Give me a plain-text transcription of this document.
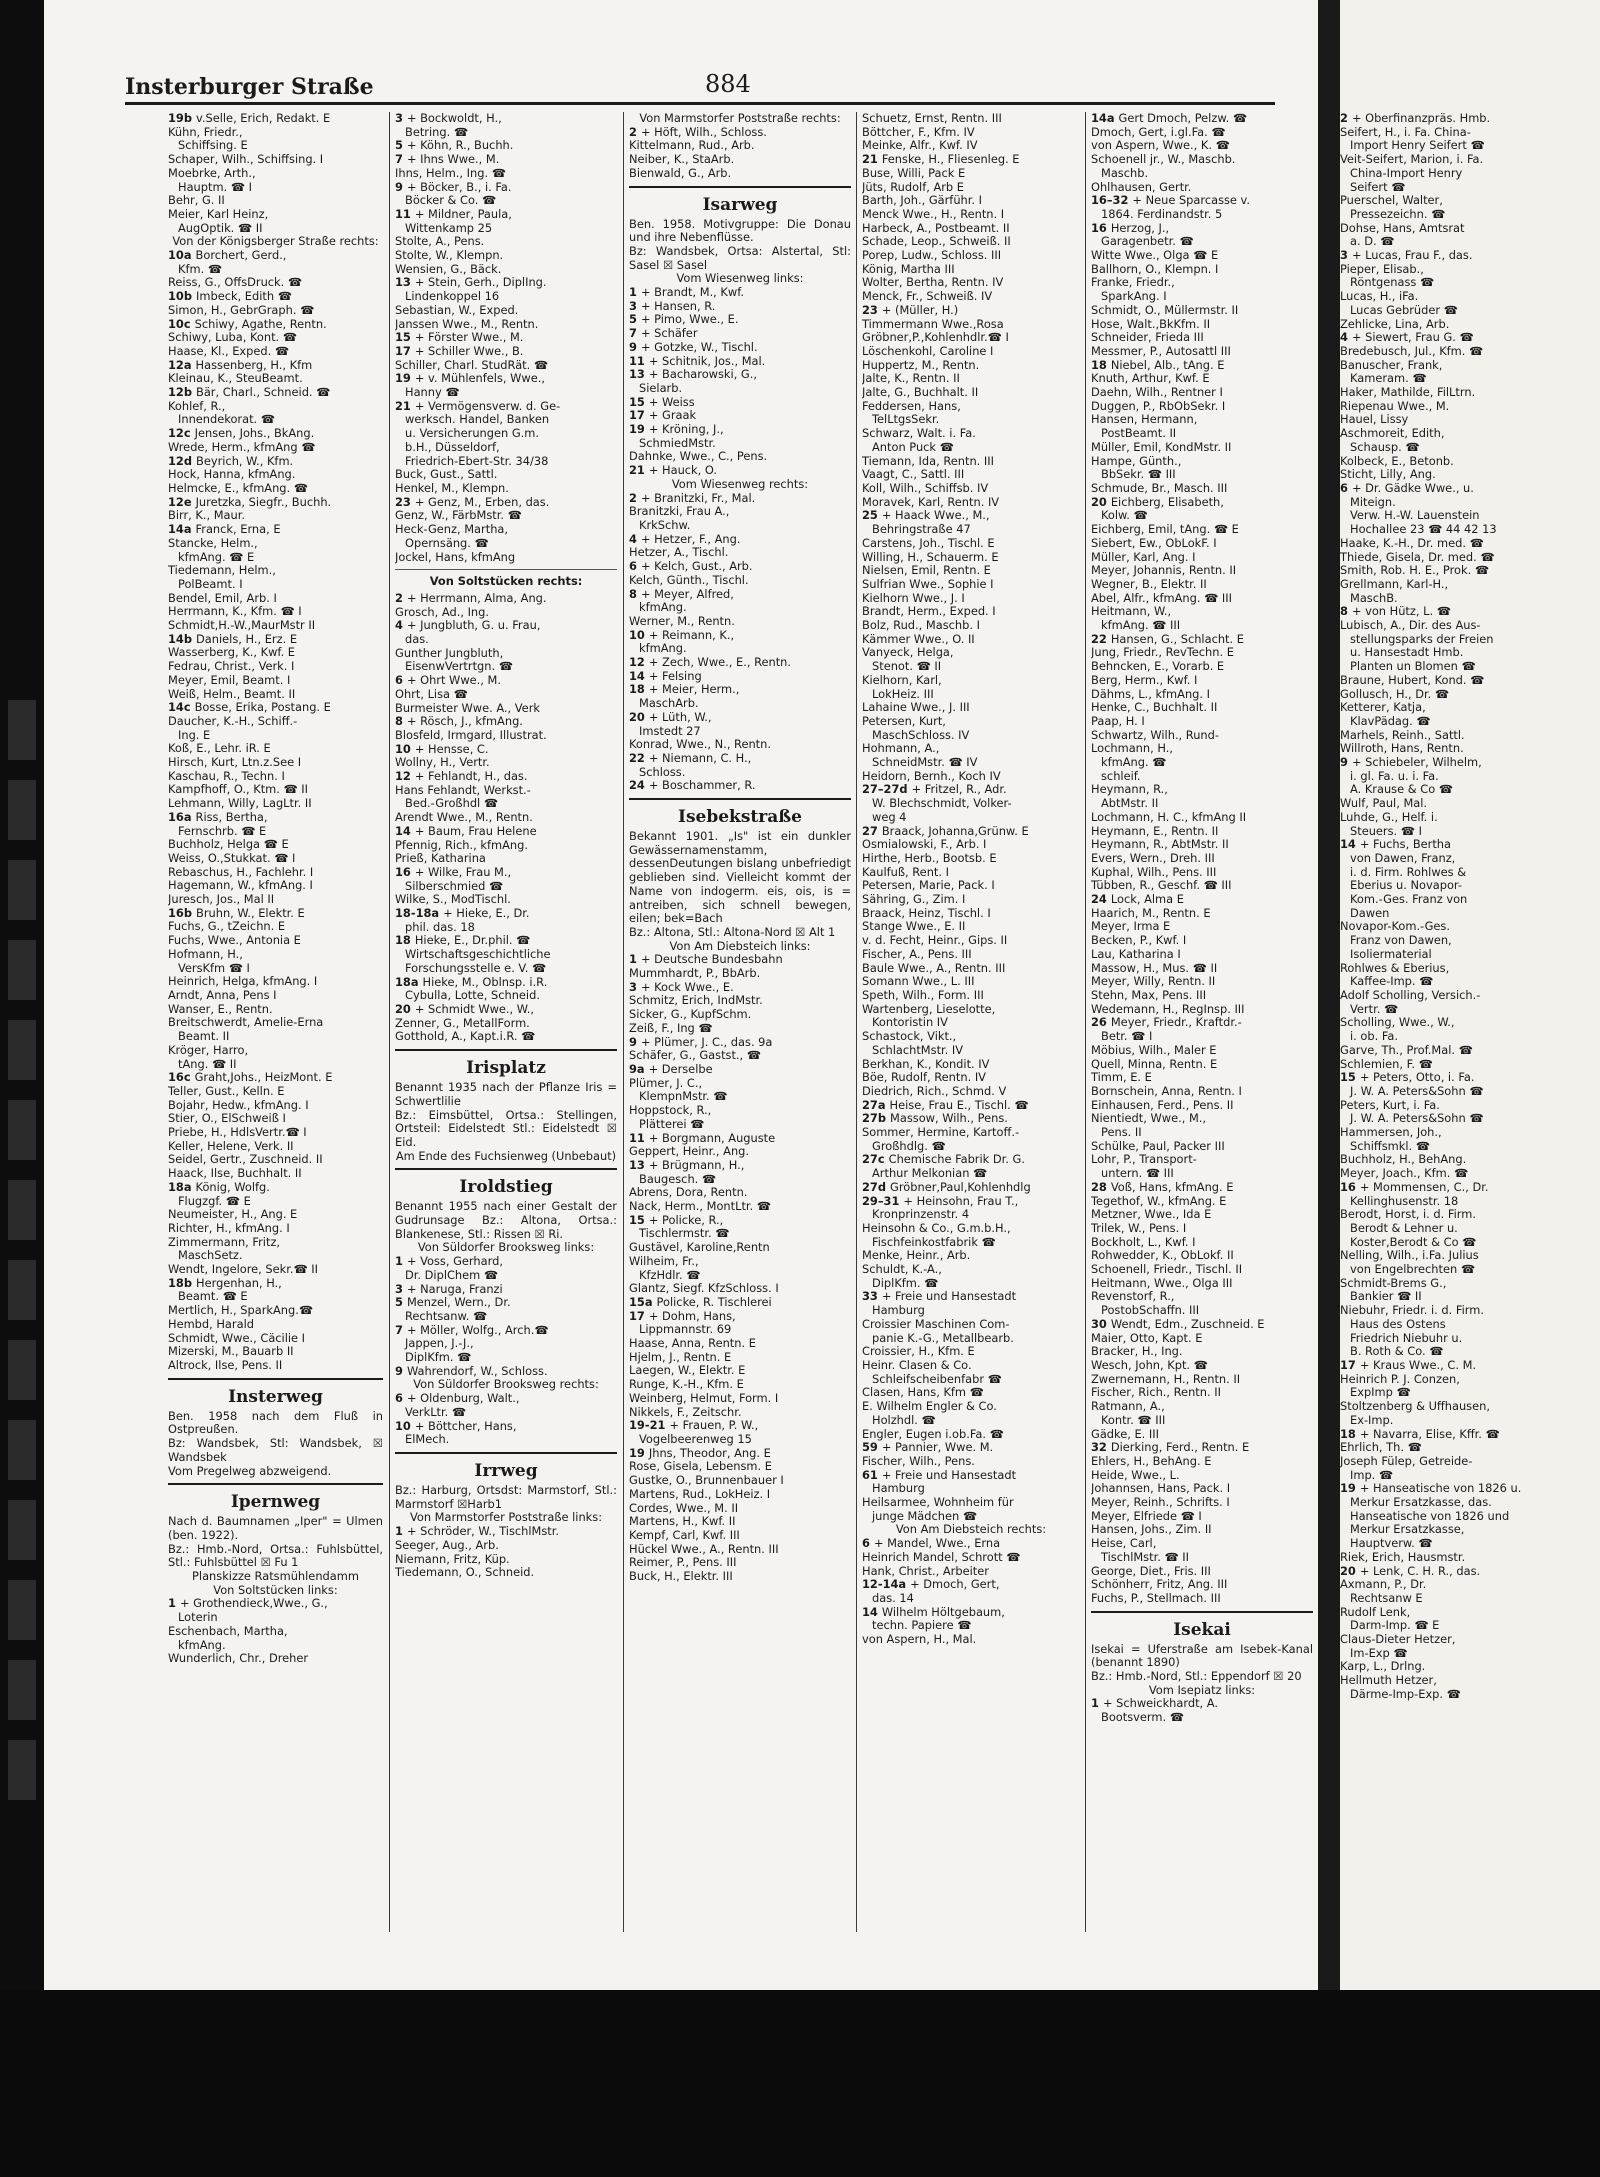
Insterburger Straße	884
19b v.Selle, Erich, Redakt. E
Kühn, Friedr.,
Schiffsing. E
Schaper, Wilh., Schiffsing. I
Moebrke, Arth.,
Hauptm. ☎ I
Behr, G. II
Meier, Karl Heinz,
AugOptik. ☎ II
Von der Königsberger Straße rechts:
10a Borchert, Gerd.,
Kfm. ☎
Reiss, G., OffsDruck. ☎
10b Imbeck, Edith ☎
Simon, H., GebrGraph. ☎
10c Schiwy, Agathe, Rentn.
Schiwy, Luba, Kont. ☎
Haase, Kl., Exped. ☎
12a Hassenberg, H., Kfm
Kleinau, K., SteuBeamt.
12b Bär, Charl., Schneid. ☎
Kohlef, R.,
Innendekorat. ☎
12c Jensen, Johs., BkAng.
Wrede, Herm., kfmAng ☎
12d Beyrich, W., Kfm.
Hock, Hanna, kfmAng.
Helmcke, E., kfmAng. ☎
12e Juretzka, Siegfr., Buchh.
Birr, K., Maur.
14a Franck, Erna, E
Stancke, Helm.,
kfmAng. ☎ E
Tiedemann, Helm.,
PolBeamt. I
Bendel, Emil, Arb. I
Herrmann, K., Kfm. ☎ I
Schmidt,H.-W.,MaurMstr II
14b Daniels, H., Erz. E
Wasserberg, K., Kwf. E
Fedrau, Christ., Verk. I
Meyer, Emil, Beamt. I
Weiß, Helm., Beamt. II
14c Bosse, Erika, Postang. E
Daucher, K.-H., Schiff.-
Ing. E
Koß, E., Lehr. iR. E
Hirsch, Kurt, Ltn.z.See I
Kaschau, R., Techn. I
Kampfhoff, O., Ktm. ☎ II
Lehmann, Willy, LagLtr. II
16a Riss, Bertha,
Fernschrb. ☎ E
Buchholz, Helga ☎ E
Weiss, O.,Stukkat. ☎ I
Rebaschus, H., Fachlehr. I
Hagemann, W., kfmAng. I
Juresch, Jos., Mal II
16b Bruhn, W., Elektr. E
Fuchs, G., tZeichn. E
Fuchs, Wwe., Antonia E
Hofmann, H.,
VersKfm ☎ I
Heinrich, Helga, kfmAng. I
Arndt, Anna, Pens I
Wanser, E., Rentn.
Breitschwerdt, Amelie-Erna
Beamt. II
Kröger, Harro,
tAng. ☎ II
16c Graht,Johs., HeizMont. E
Teller, Gust., Kelln. E
Bojahr, Hedw., kfmAng. I
Stier, O., ElSchweiß I
Priebe, H., HdlsVertr.☎ I
Keller, Helene, Verk. II
Seidel, Gertr., Zuschneid. II
Haack, Ilse, Buchhalt. II
18a König, Wolfg.
Flugzgf. ☎ E
Neumeister, H., Ang. E
Richter, H., kfmAng. I
Zimmermann, Fritz,
MaschSetz.
Wendt, Ingelore, Sekr.☎ II
18b Hergenhan, H.,
Beamt. ☎ E
Mertlich, H., SparkAng.☎
Hembd, Harald
Schmidt, Wwe., Cäcilie I
Mizerski, M., Bauarb II
Altrock, Ilse, Pens. II
Insterweg
Ben. 1958 nach dem Fluß in Ostpreußen.
Bz: Wandsbek, Stl: Wandsbek, ☒ Wandsbek
Vom Pregelweg abzweigend.
Ipernweg
Nach d. Baumnamen „Iper" = Ulmen (ben. 1922).
Bz.: Hmb.-Nord, Ortsa.: Fuhlsbüttel, Stl.: Fuhlsbüttel ☒ Fu 1
Planskizze Ratsmühlendamm
Von Soltstücken links:
1 + Grothendieck,Wwe., G.,
Loterin
Eschenbach, Martha,
kfmAng.
Wunderlich, Chr., Dreher
3 + Bockwoldt, H.,
Betring. ☎
5 + Köhn, R., Buchh.
7 + Ihns Wwe., M.
Ihns, Helm., Ing. ☎
9 + Böcker, B., i. Fa.
Böcker & Co. ☎
11 + Mildner, Paula,
Wittenkamp 25
Stolte, A., Pens.
Stolte, W., Klempn.
Wensien, G., Bäck.
13 + Stein, Gerh., DiplIng.
Lindenkoppel 16
Sebastian, W., Exped.
Janssen Wwe., M., Rentn.
15 + Förster Wwe., M.
17 + Schiller Wwe., B.
Schiller, Charl. StudRät. ☎
19 + v. Mühlenfels, Wwe.,
Hanny ☎
21 + Vermögensverw. d. Ge-
werksch. Handel, Banken
u. Versicherungen G.m.
b.H., Düsseldorf,
Friedrich-Ebert-Str. 34/38
Buck, Gust., Sattl.
Henkel, M., Klempn.
23 + Genz, M., Erben, das.
Genz, W., FärbMstr. ☎
Heck-Genz, Martha,
Opernsäng. ☎
Jockel, Hans, kfmAng
Von Soltstücken rechts:
2 + Herrmann, Alma, Ang.
Grosch, Ad., Ing.
4 + Jungbluth, G. u. Frau,
das.
Gunther Jungbluth,
EisenwVertrtgn. ☎
6 + Ohrt Wwe., M.
Ohrt, Lisa ☎
Burmeister Wwe. A., Verk
8 + Rösch, J., kfmAng.
Blosfeld, Irmgard, Illustrat.
10 + Hensse, C.
Wollny, H., Vertr.
12 + Fehlandt, H., das.
Hans Fehlandt, Werkst.-
Bed.-Großhdl ☎
Arendt Wwe., M., Rentn.
14 + Baum, Frau Helene
Pfennig, Rich., kfmAng.
Prieß, Katharina
16 + Wilke, Frau M.,
Silberschmied ☎
Wilke, S., ModTischl.
18-18a + Hieke, E., Dr.
phil. das. 18
18 Hieke, E., Dr.phil. ☎
Wirtschaftsgeschichtliche
Forschungsstelle e. V. ☎
18a Hieke, M., Oblnsp. i.R.
Cybulla, Lotte, Schneid.
20 + Schmidt Wwe., W.,
Zenner, G., MetallForm.
Gotthold, A., Kapt.i.R. ☎
Irisplatz
Benannt 1935 nach der Pflanze Iris = Schwertlilie
Bz.: Eimsbüttel, Ortsa.: Stellingen, Ortsteil: Eidelstedt Stl.: Eidelstedt ☒ Eid.
Am Ende des Fuchsienweg (Unbebaut)
Iroldstieg
Benannt 1955 nach einer Gestalt der Gudrunsage Bz.: Altona, Ortsa.: Blankenese, Stl.: Rissen ☒ Ri.
Von Süldorfer Brooksweg links:
1 + Voss, Gerhard,
Dr. DiplChem ☎
3 + Naruga, Franzi
5 Menzel, Wern., Dr.
Rechtsanw. ☎
7 + Möller, Wolfg., Arch.☎
Jappen, J.-J.,
DiplKfm. ☎
9 Wahrendorf, W., Schloss.
Von Süldorfer Brooksweg rechts:
6 + Oldenburg, Walt.,
VerkLtr. ☎
10 + Böttcher, Hans,
ElMech.
Irrweg
Bz.: Harburg, Ortsdst: Marmstorf, Stl.: Marmstorf ☒Harb1
Von Marmstorfer Poststraße links:
1 + Schröder, W., TischlMstr.
Seeger, Aug., Arb.
Niemann, Fritz, Küp.
Tiedemann, O., Schneid.
Von Marmstorfer Poststraße rechts:
2 + Höft, Wilh., Schloss.
Kittelmann, Rud., Arb.
Neiber, K., StaArb.
Bienwald, G., Arb.
Isarweg
Ben. 1958. Motivgruppe: Die Donau und ihre Nebenflüsse.
Bz: Wandsbek, Ortsa: Alstertal, Stl: Sasel ☒ Sasel
Vom Wiesenweg links:
1 + Brandt, M., Kwf.
3 + Hansen, R.
5 + Pimo, Wwe., E.
7 + Schäfer
9 + Gotzke, W., Tischl.
11 + Schitnik, Jos., Mal.
13 + Bacharowski, G.,
Sielarb.
15 + Weiss
17 + Graak
19 + Kröning, J.,
SchmiedMstr.
Dahnke, Wwe., C., Pens.
21 + Hauck, O.
Vom Wiesenweg rechts:
2 + Branitzki, Fr., Mal.
Branitzki, Frau A.,
KrkSchw.
4 + Hetzer, F., Ang.
Hetzer, A., Tischl.
6 + Kelch, Gust., Arb.
Kelch, Günth., Tischl.
8 + Meyer, Alfred,
kfmAng.
Werner, M., Rentn.
10 + Reimann, K.,
kfmAng.
12 + Zech, Wwe., E., Rentn.
14 + Felsing
18 + Meier, Herm.,
MaschArb.
20 + Lüth, W.,
Imstedt 27
Konrad, Wwe., N., Rentn.
22 + Niemann, C. H.,
Schloss.
24 + Boschammer, R.
Isebekstraße
Bekannt 1901. „Is" ist ein dunkler Gewässernamenstamm, dessenDeutungen bislang unbefriedigt geblieben sind. Vielleicht kommt der Name von indogerm. eis, ois, is = antreiben, sich schnell bewegen, eilen; bek=Bach
Bz.: Altona, Stl.: Altona-Nord ☒ Alt 1
Von Am Diebsteich links:
1 + Deutsche Bundesbahn
Mummhardt, P., BbArb.
3 + Kock Wwe., E.
Schmitz, Erich, IndMstr.
Sicker, G., KupfSchm.
Zeiß, F., Ing ☎
9 + Plümer, J. C., das. 9a
Schäfer, G., Gastst., ☎
9a + Derselbe
Plümer, J. C.,
KlempnMstr. ☎
Hoppstock, R.,
Plätterei ☎
11 + Borgmann, Auguste
Geppert, Heinr., Ang.
13 + Brügmann, H.,
Baugesch. ☎
Abrens, Dora, Rentn.
Nack, Herm., MontLtr. ☎
15 + Policke, R.,
Tischlermstr. ☎
Gustävel, Karoline,Rentn
Wilheim, Fr.,
KfzHdlr. ☎
Glantz, Siegf. KfzSchloss. I
15a Policke, R. Tischlerei
17 + Dohm, Hans,
Lippmannstr. 69
Haase, Anna, Rentn. E
Hjelm, J., Rentn. E
Laegen, W., Elektr. E
Runge, K.-H., Kfm. E
Weinberg, Helmut, Form. I
Nikkels, F., Zeitschr.
19-21 + Frauen, P. W.,
Vogelbeerenweg 15
19 Jhns, Theodor, Ang. E
Rose, Gisela, Lebensm. E
Gustke, O., Brunnenbauer I
Martens, Rud., LokHeiz. I
Cordes, Wwe., M. II
Martens, H., Kwf. II
Kempf, Carl, Kwf. III
Hückel Wwe., A., Rentn. III
Reimer, P., Pens. III
Buck, H., Elektr. III
Schuetz, Ernst, Rentn. III
Böttcher, F., Kfm. IV
Meinke, Alfr., Kwf. IV
21 Fenske, H., Fliesenleg. E
Buse, Willi, Pack E
Jüts, Rudolf, Arb E
Barth, Joh., Gärführ. I
Menck Wwe., H., Rentn. I
Harbeck, A., Postbeamt. II
Schade, Leop., Schweiß. II
Porep, Ludw., Schloss. III
König, Martha III
Wolter, Bertha, Rentn. IV
Menck, Fr., Schweiß. IV
23 + (Müller, H.)
Timmermann Wwe.,Rosa
Gröbner,P.,Kohlenhdlr.☎ I
Löschenkohl, Caroline I
Huppertz, M., Rentn.
Jalte, K., Rentn. II
Jalte, G., Buchhalt. II
Feddersen, Hans,
TelLtgsSekr.
Schwarz, Walt. i. Fa.
Anton Puck ☎
Tiemann, Ida, Rentn. III
Vaagt, C., Sattl. III
Koll, Wilh., Schiffsb. IV
Moravek, Karl, Rentn. IV
25 + Haack Wwe., M.,
Behringstraße 47
Carstens, Joh., Tischl. E
Willing, H., Schauerm. E
Nielsen, Emil, Rentn. E
Sulfrian Wwe., Sophie I
Kielhorn Wwe., J. I
Brandt, Herm., Exped. I
Bolz, Rud., Maschb. I
Kämmer Wwe., O. II
Vanyeck, Helga,
Stenot. ☎ II
Kielhorn, Karl,
LokHeiz. III
Lahaine Wwe., J. III
Petersen, Kurt,
MaschSchloss. IV
Hohmann, A.,
SchneidMstr. ☎ IV
Heidorn, Bernh., Koch IV
27–27d + Fritzel, R., Adr.
W. Blechschmidt, Volker-
weg 4
27 Braack, Johanna,Grünw. E
Osmialowski, F., Arb. I
Hirthe, Herb., Bootsb. E
Kaulfuß, Rent. I
Petersen, Marie, Pack. I
Sähring, G., Zim. I
Braack, Heinz, Tischl. I
Stange Wwe., E. II
v. d. Fecht, Heinr., Gips. II
Fischer, A., Pens. III
Baule Wwe., A., Rentn. III
Somann Wwe., L. III
Speth, Wilh., Form. III
Wartenberg, Lieselotte,
Kontoristin IV
Schastock, Vikt.,
SchlachtMstr. IV
Berkhan, K., Kondit. IV
Böe, Rudolf, Rentn. IV
Diedrich, Rich., Schmd. V
27a Heise, Frau E., Tischl. ☎
27b Massow, Wilh., Pens.
Sommer, Hermine, Kartoff.-
Großhdlg. ☎
27c Chemische Fabrik Dr. G.
Arthur Melkonian ☎
27d Gröbner,Paul,Kohlenhdlg
29–31 + Heinsohn, Frau T.,
Kronprinzenstr. 4
Heinsohn & Co., G.m.b.H.,
Fischfeinkostfabrik ☎
Menke, Heinr., Arb.
Schuldt, K.-A.,
DiplKfm. ☎
33 + Freie und Hansestadt
Hamburg
Croissier Maschinen Com-
panie K.-G., Metallbearb.
Croissier, H., Kfm. E
Heinr. Clasen & Co.
Schleifscheibenfabr ☎
Clasen, Hans, Kfm ☎
E. Wilhelm Engler & Co.
Holzhdl. ☎
Engler, Eugen i.ob.Fa. ☎
59 + Pannier, Wwe. M.
Fischer, Wilh., Pens.
61 + Freie und Hansestadt
Hamburg
Heilsarmee, Wohnheim für
junge Mädchen ☎
Von Am Diebsteich rechts:
6 + Mandel, Wwe., Erna
Heinrich Mandel, Schrott ☎
Hank, Christ., Arbeiter
12-14a + Dmoch, Gert,
das. 14
14 Wilhelm Höltgebaum,
techn. Papiere ☎
von Aspern, H., Mal.
14a Gert Dmoch, Pelzw. ☎
Dmoch, Gert, i.gl.Fa. ☎
von Aspern, Wwe., K. ☎
Schoenell jr., W., Maschb.
Maschb.
Ohlhausen, Gertr.
16–32 + Neue Sparcasse v.
1864. Ferdinandstr. 5
16 Herzog, J.,
Garagenbetr. ☎
Witte Wwe., Olga ☎ E
Ballhorn, O., Klempn. I
Franke, Friedr.,
SparkAng. I
Schmidt, O., Müllermstr. II
Hose, Walt.,BkKfm. II
Schneider, Frieda III
Messmer, P., Autosattl III
18 Niebel, Alb., tAng. E
Knuth, Arthur, Kwf. E
Daehn, Wilh., Rentner I
Duggen, P., RbObSekr. I
Hansen, Hermann,
PostBeamt. II
Müller, Emil, KondMstr. II
Hampe, Günth.,
BbSekr. ☎ III
Schmude, Br., Masch. III
20 Eichberg, Elisabeth,
Kolw. ☎
Eichberg, Emil, tAng. ☎ E
Siebert, Ew., ObLokF. I
Müller, Karl, Ang. I
Meyer, Johannis, Rentn. II
Wegner, B., Elektr. II
Abel, Alfr., kfmAng. ☎ III
Heitmann, W.,
kfmAng. ☎ III
22 Hansen, G., Schlacht. E
Jung, Friedr., RevTechn. E
Behncken, E., Vorarb. E
Berg, Herm., Kwf. I
Dähms, L., kfmAng. I
Henke, C., Buchhalt. II
Paap, H. I
Schwartz, Wilh., Rund-
Lochmann, H.,
kfmAng. ☎
schleif.
Heymann, R.,
AbtMstr. II
Lochmann, H. C., kfmAng II
Heymann, E., Rentn. II
Heymann, R., AbtMstr. II
Evers, Wern., Dreh. III
Kuphal, Wilh., Pens. III
Tübben, R., Geschf. ☎ III
24 Lock, Alma E
Haarich, M., Rentn. E
Meyer, Irma E
Becken, P., Kwf. I
Lau, Katharina I
Massow, H., Mus. ☎ II
Meyer, Willy, Rentn. II
Stehn, Max, Pens. III
Wedemann, H., RegInsp. III
26 Meyer, Friedr., Kraftdr.-
Betr. ☎ I
Möbius, Wilh., Maler E
Quell, Minna, Rentn. E
Timm, E. E
Bornschein, Anna, Rentn. I
Einhausen, Ferd., Pens. II
Nientiedt, Wwe., M.,
Pens. II
Schülke, Paul, Packer III
Lohr, P., Transport-
untern. ☎ III
28 Voß, Hans, kfmAng. E
Tegethof, W., kfmAng. E
Metzner, Wwe., Ida E
Trilek, W., Pens. I
Bockholt, L., Kwf. I
Rohwedder, K., ObLokf. II
Schoenell, Friedr., Tischl. II
Heitmann, Wwe., Olga III
Revenstorf, R.,
PostobSchaffn. III
30 Wendt, Edm., Zuschneid. E
Maier, Otto, Kapt. E
Bracker, H., Ing.
Wesch, John, Kpt. ☎
Zwernemann, H., Rentn. II
Fischer, Rich., Rentn. II
Ratmann, A.,
Kontr. ☎ III
Gädke, E. III
32 Dierking, Ferd., Rentn. E
Ehlers, H., BehAng. E
Heide, Wwe., L.
Johannsen, Hans, Pack. I
Meyer, Reinh., Schrifts. I
Meyer, Elfriede ☎ I
Hansen, Johs., Zim. II
Heise, Carl,
TischlMstr. ☎ II
George, Diet., Fris. III
Schönherr, Fritz, Ang. III
Fuchs, P., Stellmach. III
Isekai
Isekai = Uferstraße am Isebek-Kanal (benannt 1890)
Bz.: Hmb.-Nord, Stl.: Eppendorf ☒ 20
Vom Isepiatz links:
1 + Schweickhardt, A.
Bootsverm. ☎
2 + Oberfinanzpräs. Hmb.
Seifert, H., i. Fa. China-
Import Henry Seifert ☎
Veit-Seifert, Marion, i. Fa.
China-Import Henry
Seifert ☎
Puerschel, Walter,
Pressezeichn. ☎
Dohse, Hans, Amtsrat
a. D. ☎
3 + Lucas, Frau F., das.
Pieper, Elisab.,
Röntgenass ☎
Lucas, H., iFa.
Lucas Gebrüder ☎
Zehlicke, Lina, Arb.
4 + Siewert, Frau G. ☎
Bredebusch, Jul., Kfm. ☎
Banuscher, Frank,
Kameram. ☎
Haker, Mathilde, FilLtrn.
Riepenau Wwe., M.
Hauel, Lissy
Aschmoreit, Edith,
Schausp. ☎
Kolbeck, E., Betonb.
Sticht, Lilly, Ang.
6 + Dr. Gädke Wwe., u.
Miteign.
Verw. H.-W. Lauenstein
Hochallee 23 ☎ 44 42 13
Haake, K.-H., Dr. med. ☎
Thiede, Gisela, Dr. med. ☎
Smith, Rob. H. E., Prok. ☎
Grellmann, Karl-H.,
MaschB.
8 + von Hütz, L. ☎
Lubisch, A., Dir. des Aus-
stellungsparks der Freien
u. Hansestadt Hmb.
Planten un Blomen ☎
Braune, Hubert, Kond. ☎
Gollusch, H., Dr. ☎
Ketterer, Katja,
KlavPädag. ☎
Marhels, Reinh., Sattl.
Willroth, Hans, Rentn.
9 + Schiebeler, Wilhelm,
i. gl. Fa. u. i. Fa.
A. Krause & Co ☎
Wulf, Paul, Mal.
Luhde, G., Helf. i.
Steuers. ☎ I
14 + Fuchs, Bertha
von Dawen, Franz,
i. d. Firm. Rohlwes &
Eberius u. Novapor-
Kom.-Ges. Franz von
Dawen
Novapor-Kom.-Ges.
Franz von Dawen,
Isoliermaterial
Rohlwes & Eberius,
Kaffee-Imp. ☎
Adolf Scholling, Versich.-
Vertr. ☎
Scholling, Wwe., W.,
i. ob. Fa.
Garve, Th., Prof.Mal. ☎
Schlemien, F. ☎
15 + Peters, Otto, i. Fa.
J. W. A. Peters&Sohn ☎
Peters, Kurt, i. Fa.
J. W. A. Peters&Sohn ☎
Hammersen, Joh.,
Schiffsmkl. ☎
Buchholz, H., BehAng.
Meyer, Joach., Kfm. ☎
16 + Mommensen, C., Dr.
Kellinghusenstr. 18
Berodt, Horst, i. d. Firm.
Berodt & Lehner u.
Koster,Berodt & Co ☎
Nelling, Wilh., i.Fa. Julius
von Engelbrechten ☎
Schmidt-Brems G.,
Bankier ☎ II
Niebuhr, Friedr. i. d. Firm.
Haus des Ostens
Friedrich Niebuhr u.
B. Roth & Co. ☎
17 + Kraus Wwe., C. M.
Heinrich P. J. Conzen,
ExpImp ☎
Stoltzenberg & Uffhausen,
Ex-Imp.
18 + Navarra, Elise, Kffr. ☎
Ehrlich, Th. ☎
Joseph Fülep, Getreide-
Imp. ☎
19 + Hanseatische von 1826 u.
Merkur Ersatzkasse, das.
Hanseatische von 1826 und
Merkur Ersatzkasse,
Hauptverw. ☎
Riek, Erich, Hausmstr.
20 + Lenk, C. H. R., das.
Axmann, P., Dr.
Rechtsanw E
Rudolf Lenk,
Darm-Imp. ☎ E
Claus-Dieter Hetzer,
Im-Exp ☎
Karp, L., Drlng.
Hellmuth Hetzer,
Därme-Imp-Exp. ☎
